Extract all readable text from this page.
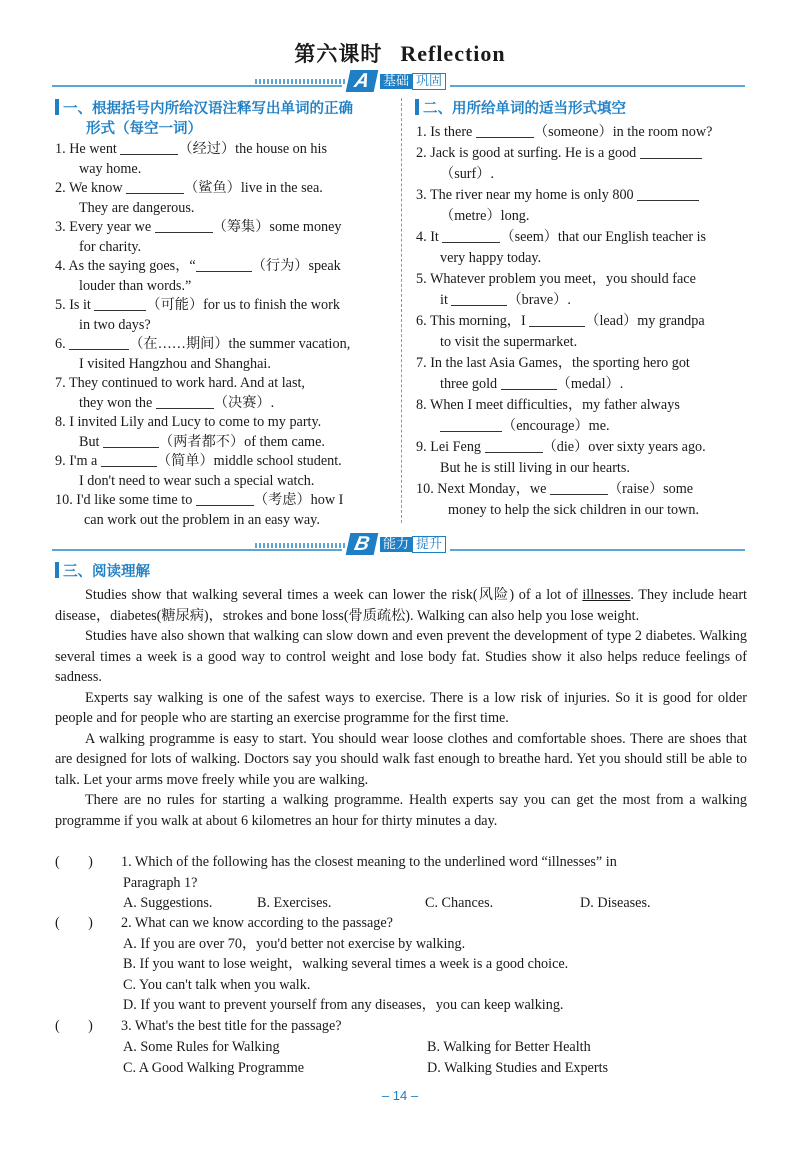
第六课时 Reflection
A 基础 巩固
一、根据括号内所给汉语注释写出单词的正确
形式（每空一词）
1. He went	（经过）the house on his
way home.
2. We know	（鲨鱼）live in the sea.
They are dangerous.
3. Every year we	（筹集）some money
for charity.
4. As the saying goes，“	（行为）speak
louder than words.”
5. Is it	（可能）for us to finish the work
in two days?
6.	（在……期间）the summer vacation,
I visited Hangzhou and Shanghai.
7. They continued to work hard. And at last,
they won the	（决赛）.
8. I invited Lily and Lucy to come to my party.
But	（两者都不）of them came.
9. I'm a	（简单）middle school student.
I don't need to wear such a special watch.
10. I'd like some time to	（考虑）how I
can work out the problem in an easy way.
二、用所给单词的适当形式填空
1. Is there	（someone）in the room now?
2. Jack is good at surfing. He is a good
（surf）.
3. The river near my home is only 800
（metre）long.
4. It	（seem）that our English teacher is
very happy today.
5. Whatever problem you meet，you should face
it	（brave）.
6. This morning，I	（lead）my grandpa
to visit the supermarket.
7. In the last Asia Games，the sporting hero got
three gold	（medal）.
8. When I meet difficulties，my father always
（encourage）me.
9. Lei Feng	（die）over sixty years ago.
But he is still living in our hearts.
10. Next Monday，we	（raise）some
money to help the sick children in our town.
B 能力 提升
三、阅读理解
Studies show that walking several times a week can lower the risk(风险) of a lot of illnesses. They include heart disease，diabetes(糖尿病)，strokes and bone loss(骨质疏松). Walking can also help you lose weight.
Studies have also shown that walking can slow down and even prevent the development of type 2 diabetes. Walking several times a week is a good way to control weight and lose body fat. Studies show it also helps reduce feelings of sadness.
Experts say walking is one of the safest ways to exercise. There is a low risk of injuries. So it is good for older people and for people who are starting an exercise programme for the first time.
A walking programme is easy to start. You should wear loose clothes and comfortable shoes. There are shoes that are designed for lots of walking. Doctors say you should walk fast enough to breathe hard. Yet you should still be able to talk. Let your arms move freely while you are walking.
There are no rules for starting a walking programme. Health experts say you can get the most from a walking programme if you walk at about 6 kilometres an hour for thirty minutes a day.
(　　) 1. Which of the following has the closest meaning to the underlined word “illnesses” in
Paragraph 1?
A. Suggestions.	B. Exercises.	C. Chances.	D. Diseases.
(　　) 2. What can we know according to the passage?
A. If you are over 70，you'd better not exercise by walking.
B. If you want to lose weight，walking several times a week is a good choice.
C. You can't talk when you walk.
D. If you want to prevent yourself from any diseases，you can keep walking.
(　　) 3. What's the best title for the passage?
A. Some Rules for Walking	B. Walking for Better Health
C. A Good Walking Programme	D. Walking Studies and Experts
– 14 –
